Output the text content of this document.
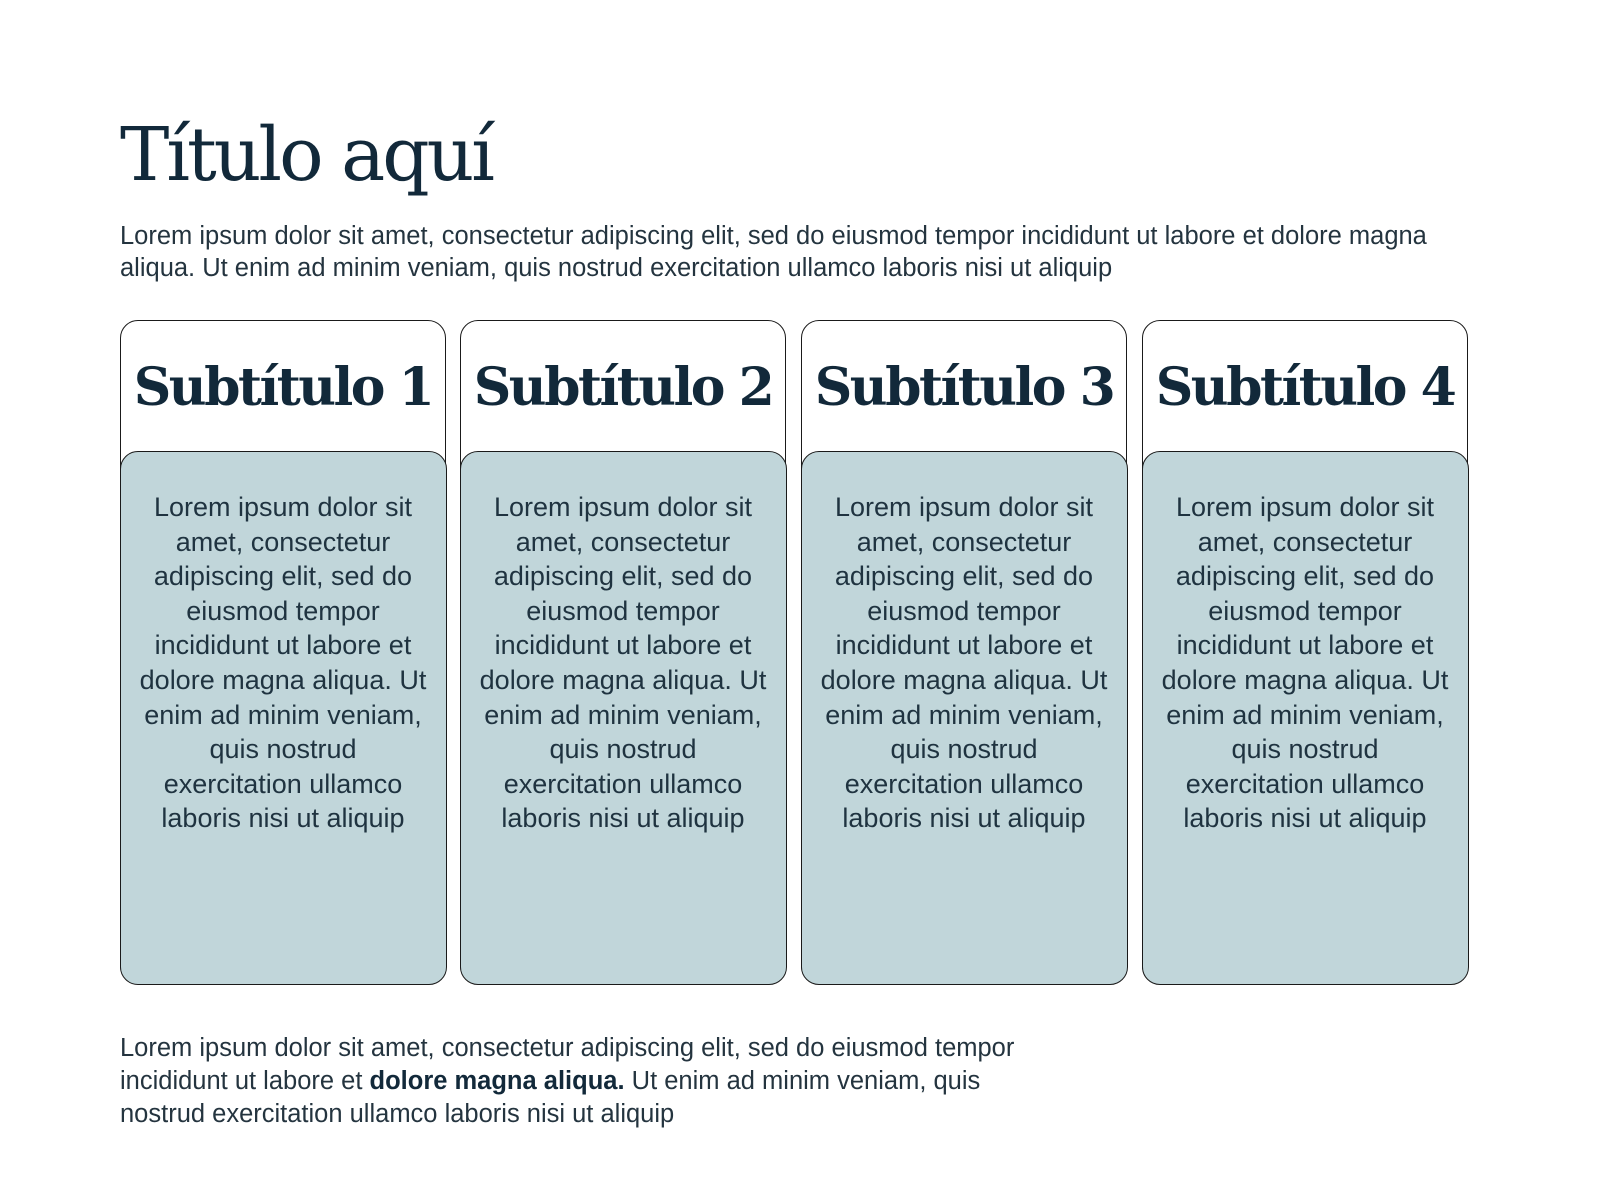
Título aquí

Lorem ipsum dolor sit amet, consectetur adipiscing elit, sed do eiusmod tempor incididunt ut labore et dolore magna aliqua. Ut enim ad minim veniam, quis nostrud exercitation ullamco laboris nisi ut aliquip

Subtítulo 1
Lorem ipsum dolor sit amet, consectetur adipiscing elit, sed do eiusmod tempor incididunt ut labore et dolore magna aliqua. Ut enim ad minim veniam, quis nostrud exercitation ullamco laboris nisi ut aliquip
Subtítulo 2
Lorem ipsum dolor sit amet, consectetur adipiscing elit, sed do eiusmod tempor incididunt ut labore et dolore magna aliqua. Ut enim ad minim veniam, quis nostrud exercitation ullamco laboris nisi ut aliquip
Subtítulo 3
Lorem ipsum dolor sit amet, consectetur adipiscing elit, sed do eiusmod tempor incididunt ut labore et dolore magna aliqua. Ut enim ad minim veniam, quis nostrud exercitation ullamco laboris nisi ut aliquip
Subtítulo 4
Lorem ipsum dolor sit amet, consectetur adipiscing elit, sed do eiusmod tempor incididunt ut labore et dolore magna aliqua. Ut enim ad minim veniam, quis nostrud exercitation ullamco laboris nisi ut aliquip

Lorem ipsum dolor sit amet, consectetur adipiscing elit, sed do eiusmod tempor incididunt ut labore et dolore magna aliqua. Ut enim ad minim veniam, quis nostrud exercitation ullamco laboris nisi ut aliquip
